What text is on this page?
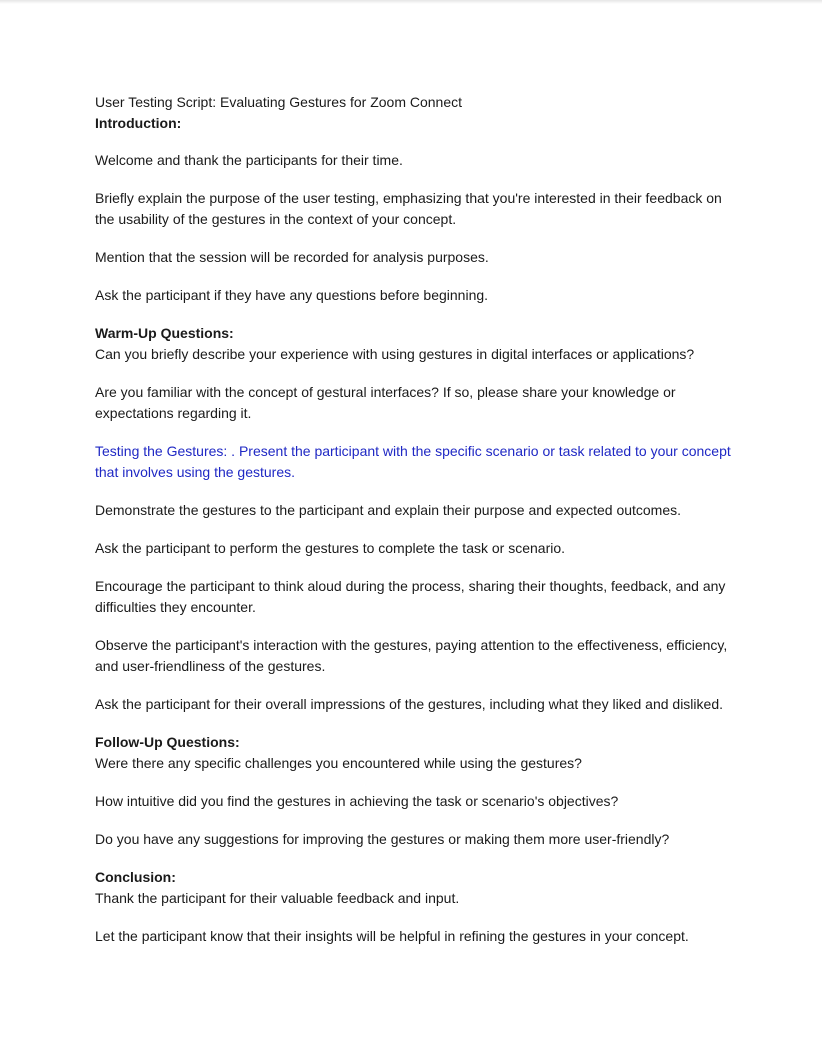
User Testing Script: Evaluating Gestures for Zoom Connect

Introduction:

Welcome and thank the participants for their time.

Briefly explain the purpose of the user testing, emphasizing that you're interested in their feedback on the usability of the gestures in the context of your concept.

Mention that the session will be recorded for analysis purposes.

Ask the participant if they have any questions before beginning.

Warm-Up Questions:

Can you briefly describe your experience with using gestures in digital interfaces or applications?

Are you familiar with the concept of gestural interfaces? If so, please share your knowledge or expectations regarding it.

Testing the Gestures: . Present the participant with the specific scenario or task related to your concept that involves using the gestures.

Demonstrate the gestures to the participant and explain their purpose and expected outcomes.

Ask the participant to perform the gestures to complete the task or scenario.

Encourage the participant to think aloud during the process, sharing their thoughts, feedback, and any difficulties they encounter.

Observe the participant's interaction with the gestures, paying attention to the effectiveness, efficiency, and user-friendliness of the gestures.

Ask the participant for their overall impressions of the gestures, including what they liked and disliked.

Follow-Up Questions:

Were there any specific challenges you encountered while using the gestures?

How intuitive did you find the gestures in achieving the task or scenario's objectives?

Do you have any suggestions for improving the gestures or making them more user-friendly?

Conclusion:

Thank the participant for their valuable feedback and input.

Let the participant know that their insights will be helpful in refining the gestures in your concept.
